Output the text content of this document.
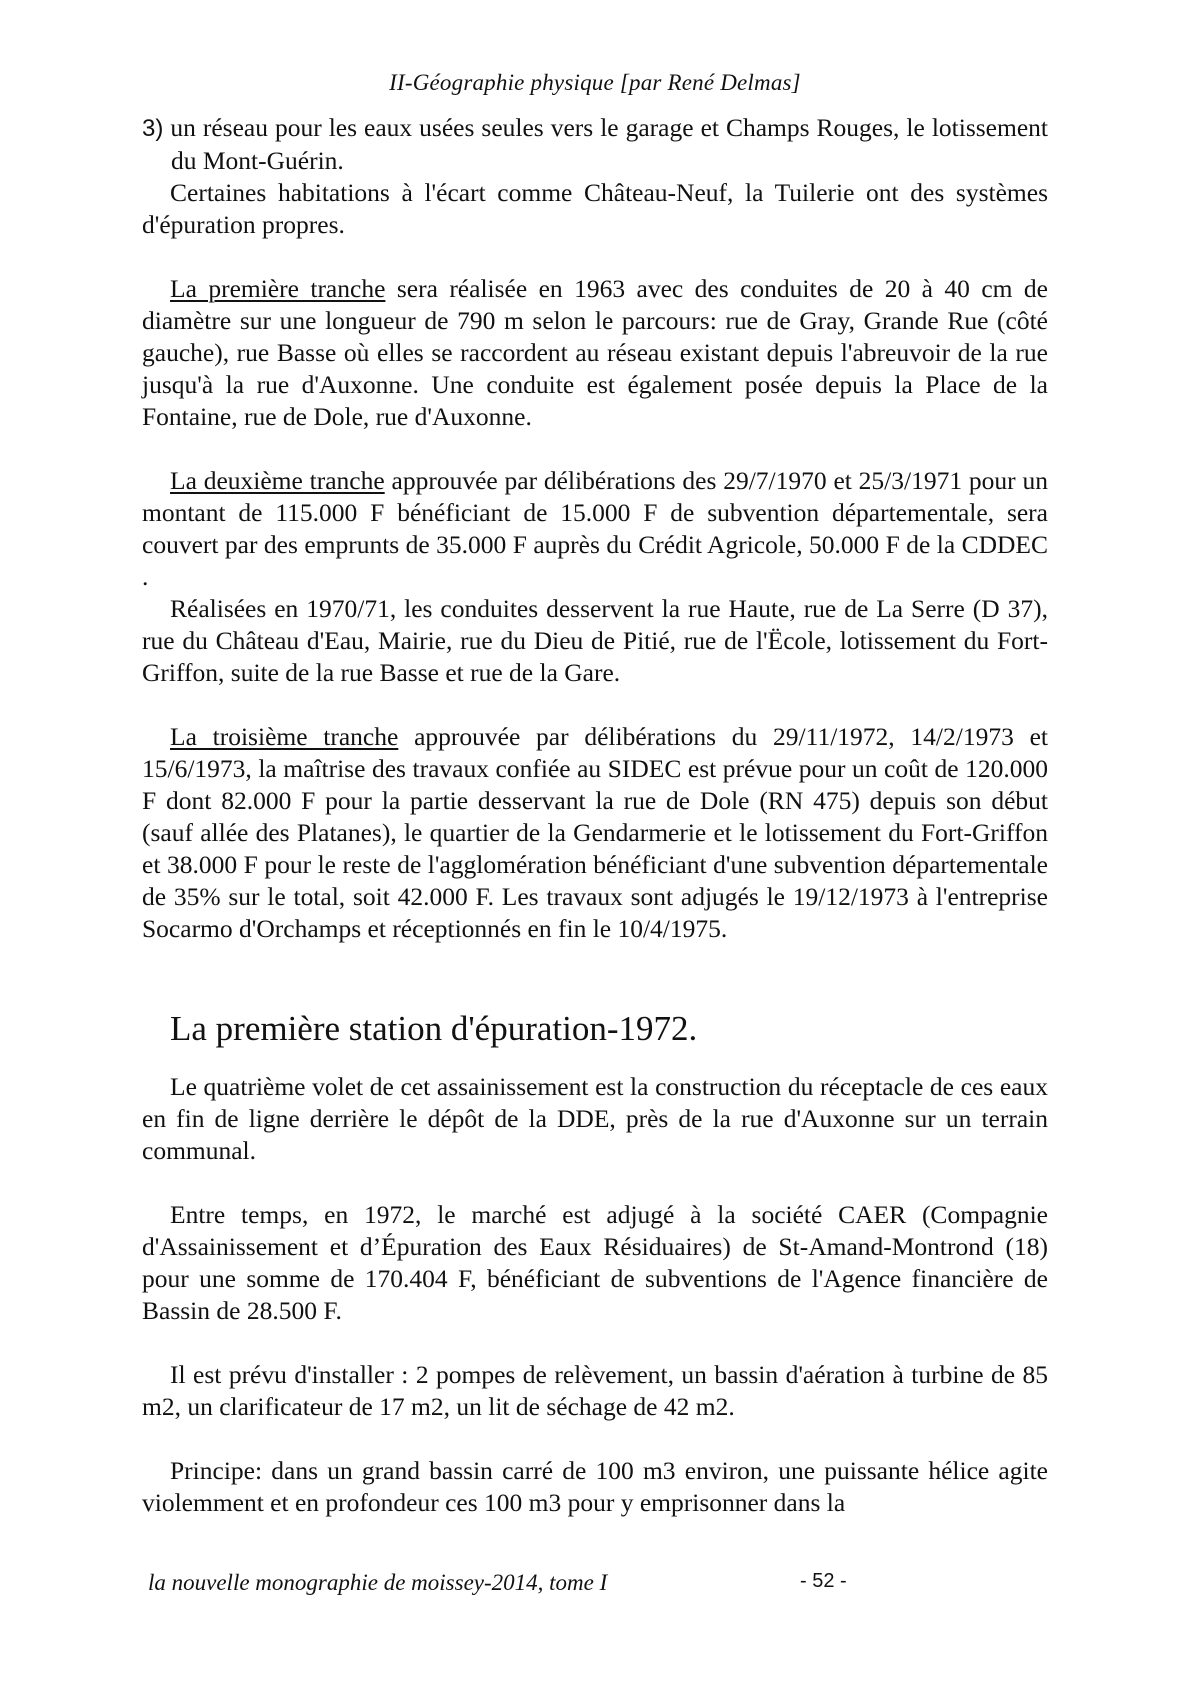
II-Géographie physique [par René Delmas]

3) un réseau pour les eaux usées seules vers le garage et Champs Rouges, le lotissement du Mont-Guérin.

Certaines habitations à l'écart comme Château-Neuf, la Tuilerie ont des systèmes d'épuration propres.

La première tranche sera réalisée en 1963 avec des conduites de 20 à 40 cm de diamètre sur une longueur de 790 m selon le parcours: rue de Gray, Grande Rue (côté gauche), rue Basse où elles se raccordent au réseau existant depuis l'abreuvoir de la rue jusqu'à la rue d'Auxonne. Une conduite est également posée depuis la Place de la Fontaine, rue de Dole, rue d'Auxonne.

La deuxième tranche approuvée par délibérations des 29/7/1970 et 25/3/1971 pour un montant de 115.000 F bénéficiant de 15.000 F de subvention départementale, sera couvert par des emprunts de 35.000 F auprès du Crédit Agricole, 50.000 F de la CDDEC .

Réalisées en 1970/71, les conduites desservent la rue Haute, rue de La Serre (D 37), rue du Château d'Eau, Mairie, rue du Dieu de Pitié, rue de l'Ëcole, lotissement du Fort-Griffon, suite de la rue Basse et rue de la Gare.

La troisième tranche approuvée par délibérations du 29/11/1972, 14/2/1973 et 15/6/1973, la maîtrise des travaux confiée au SIDEC est prévue pour un coût de 120.000 F dont 82.000 F pour la partie desservant la rue de Dole (RN 475) depuis son début (sauf allée des Platanes), le quartier de la Gendarmerie et le lotissement du Fort-Griffon et 38.000 F pour le reste de l'agglomération bénéficiant d'une subvention départementale de 35% sur le total, soit 42.000 F. Les travaux sont adjugés le 19/12/1973 à l'entreprise Socarmo d'Orchamps et réceptionnés en fin le 10/4/1975.

La première station d'épuration-1972.

Le quatrième volet de cet assainissement est la construction du réceptacle de ces eaux en fin de ligne derrière le dépôt de la DDE, près de la rue d'Auxonne sur un terrain communal.

Entre temps, en 1972, le marché est adjugé à la société CAER (Compagnie d'Assainissement et d’Épuration des Eaux Résiduaires) de St-Amand-Montrond (18) pour une somme de 170.404 F, bénéficiant de subventions de l'Agence financière de Bassin de 28.500 F.

Il est prévu d'installer : 2 pompes de relèvement, un bassin d'aération à turbine de 85 m2, un clarificateur de 17 m2, un lit de séchage de 42 m2.

Principe: dans un grand bassin carré de 100 m3 environ, une puissante hélice agite violemment et en profondeur ces 100 m3 pour y emprisonner dans la

la nouvelle monographie de moissey-2014, tome I	- 52 -
